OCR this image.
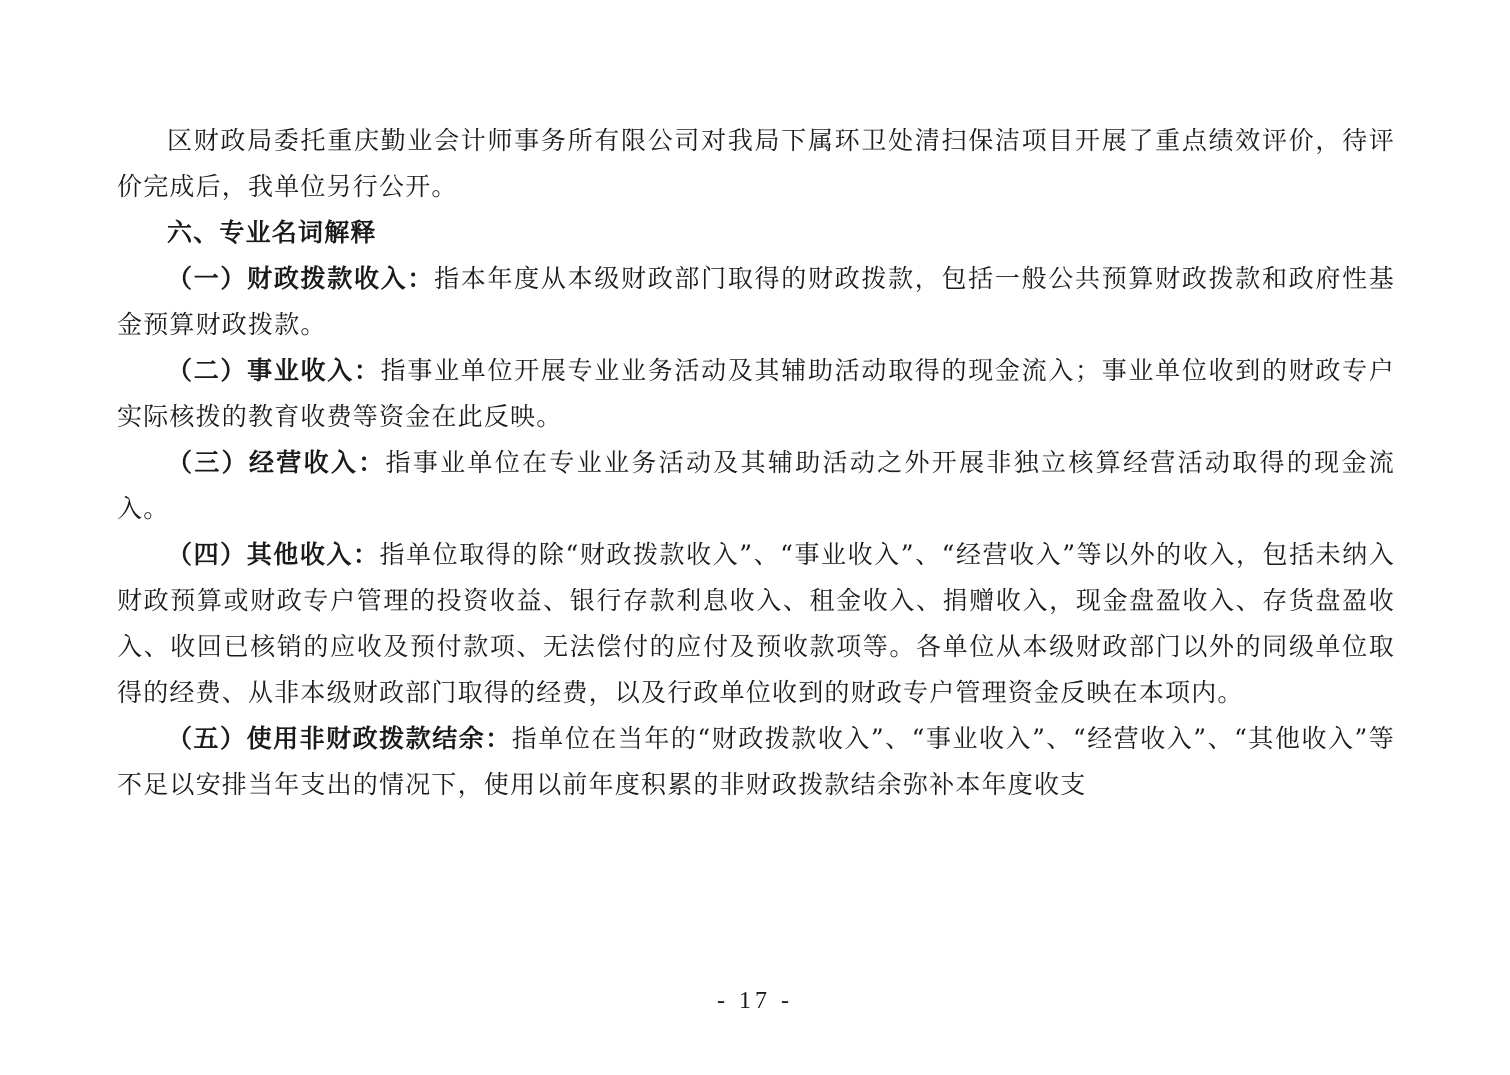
区财政局委托重庆勤业会计师事务所有限公司对我局下属环卫处清扫保洁项目开展了重点绩效评价，待评价完成后，我单位另行公开。

六、专业名词解释

（一）财政拨款收入：指本年度从本级财政部门取得的财政拨款，包括一般公共预算财政拨款和政府性基金预算财政拨款。

（二）事业收入：指事业单位开展专业业务活动及其辅助活动取得的现金流入；事业单位收到的财政专户实际核拨的教育收费等资金在此反映。

（三）经营收入：指事业单位在专业业务活动及其辅助活动之外开展非独立核算经营活动取得的现金流入。

（四）其他收入：指单位取得的除“财政拨款收入”、“事业收入”、“经营收入”等以外的收入，包括未纳入财政预算或财政专户管理的投资收益、银行存款利息收入、租金收入、捐赠收入，现金盘盈收入、存货盘盈收入、收回已核销的应收及预付款项、无法偿付的应付及预收款项等。各单位从本级财政部门以外的同级单位取得的经费、从非本级财政部门取得的经费，以及行政单位收到的财政专户管理资金反映在本项内。

（五）使用非财政拨款结余：指单位在当年的“财政拨款收入”、“事业收入”、“经营收入”、“其他收入”等不足以安排当年支出的情况下，使用以前年度积累的非财政拨款结余弥补本年度收支

- 17 -
